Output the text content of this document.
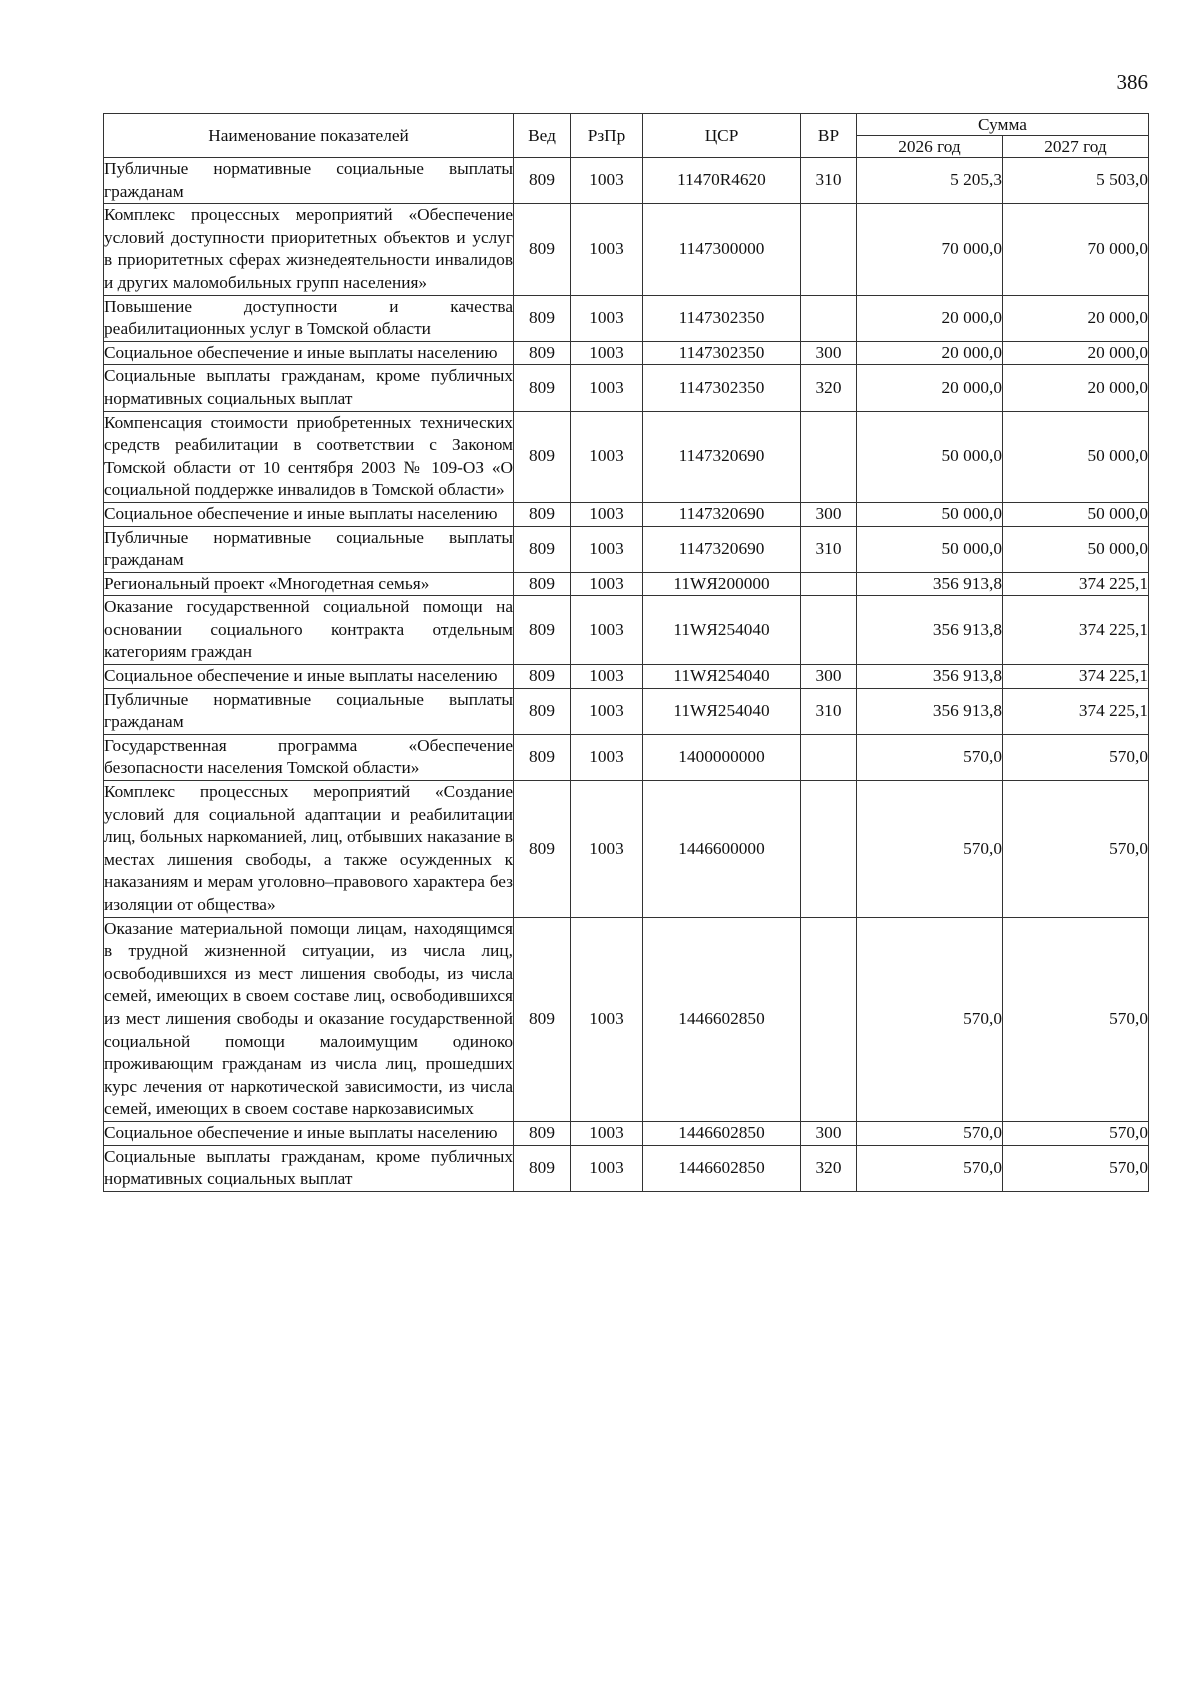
386
Наименование показателей	Вед	РзПр	ЦСР	ВР	Сумма	
					2026 год	2027 год
Публичные нормативные социальные выплаты гражданам	809	1003	11470R4620	310	5 205,3	5 503,0
Комплекс процессных мероприятий «Обеспечение условий доступности приоритетных объектов и услуг в приоритетных сферах жизнедеятельности инвалидов и других маломобильных групп населения»	809	1003	1147300000		70 000,0	70 000,0
Повышение доступности и качества реабилитационных услуг в Томской области	809	1003	1147302350		20 000,0	20 000,0
Социальное обеспечение и иные выплаты населению	809	1003	1147302350	300	20 000,0	20 000,0
Социальные выплаты гражданам, кроме публичных нормативных социальных выплат	809	1003	1147302350	320	20 000,0	20 000,0
Компенсация стоимости приобретенных технических средств реабилитации в соответствии с Законом Томской области от 10 сентября 2003 № 109-ОЗ «О социальной поддержке инвалидов в Томской области»	809	1003	1147320690		50 000,0	50 000,0
Социальное обеспечение и иные выплаты населению	809	1003	1147320690	300	50 000,0	50 000,0
Публичные нормативные социальные выплаты гражданам	809	1003	1147320690	310	50 000,0	50 000,0
Региональный проект «Многодетная семья»	809	1003	11WЯ200000		356 913,8	374 225,1
Оказание государственной социальной помощи на основании социального контракта отдельным категориям граждан	809	1003	11WЯ254040		356 913,8	374 225,1
Социальное обеспечение и иные выплаты населению	809	1003	11WЯ254040	300	356 913,8	374 225,1
Публичные нормативные социальные выплаты гражданам	809	1003	11WЯ254040	310	356 913,8	374 225,1
Государственная программа «Обеспечение безопасности населения Томской области»	809	1003	1400000000		570,0	570,0
Комплекс процессных мероприятий «Создание условий для социальной адаптации и реабилитации лиц, больных наркоманией, лиц, отбывших наказание в местах лишения свободы, а также осужденных к наказаниям и мерам уголовно–правового характера без изоляции от общества»	809	1003	1446600000		570,0	570,0
Оказание материальной помощи лицам, находящимся в трудной жизненной ситуации, из числа лиц, освободившихся из мест лишения свободы, из числа семей, имеющих в своем составе лиц, освободившихся из мест лишения свободы и оказание государственной социальной помощи малоимущим одиноко проживающим гражданам из числа лиц, прошедших курс лечения от наркотической зависимости, из числа семей, имеющих в своем составе наркозависимых	809	1003	1446602850		570,0	570,0
Социальное обеспечение и иные выплаты населению	809	1003	1446602850	300	570,0	570,0
Социальные выплаты гражданам, кроме публичных нормативных социальных выплат	809	1003	1446602850	320	570,0	570,0
